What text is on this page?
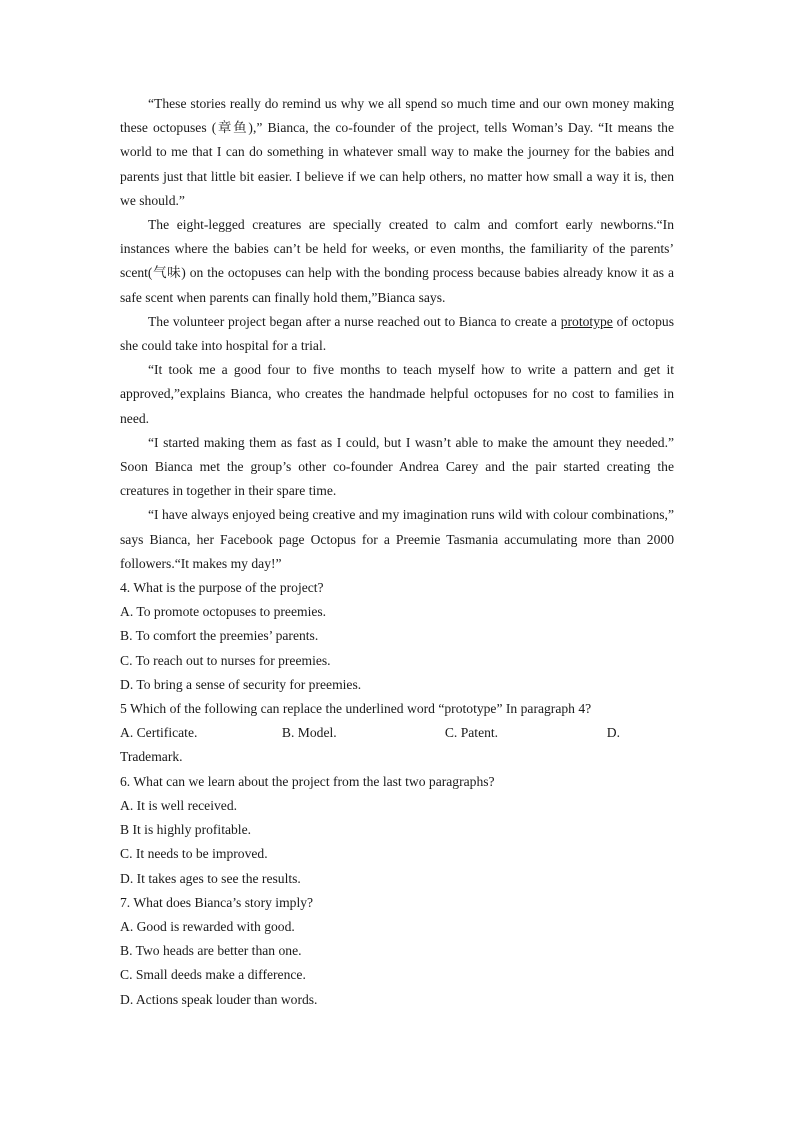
“These stories really do remind us why we all spend so much time and our own money making these octopuses (章鱼),” Bianca, the co-founder of the project, tells Woman’s Day. “It means the world to me that I can do something in whatever small way to make the journey for the babies and parents just that little bit easier. I believe if we can help others, no matter how small a way it is, then we should.”

The eight-legged creatures are specially created to calm and comfort early newborns.“In instances where the babies can’t be held for weeks, or even months, the familiarity of the parents’ scent(气味) on the octopuses can help with the bonding process because babies already know it as a safe scent when parents can finally hold them,”Bianca says.

The volunteer project began after a nurse reached out to Bianca to create a prototype of octopus she could take into hospital for a trial.

“It took me a good four to five months to teach myself how to write a pattern and get it approved,”explains Bianca, who creates the handmade helpful octopuses for no cost to families in need.

“I started making them as fast as I could, but I wasn’t able to make the amount they needed.” Soon Bianca met the group’s other co-founder Andrea Carey and the pair started creating the creatures in together in their spare time.

“I have always enjoyed being creative and my imagination runs wild with colour combinations,” says Bianca, her Facebook page Octopus for a Preemie Tasmania accumulating more than 2000 followers.“It makes my day!”

4. What is the purpose of the project?

A. To promote octopuses to preemies.

B. To comfort the preemies’ parents.

C. To reach out to nurses for preemies.

D. To bring a sense of security for preemies.

5 Which of the following can replace the underlined word “prototype” In paragraph 4?

A. Certificate.	B. Model.	C. Patent.	D.

Trademark.

6. What can we learn about the project from the last two paragraphs?

A. It is well received.

B It is highly profitable.

C. It needs to be improved.

D. It takes ages to see the results.

7. What does Bianca’s story imply?

A. Good is rewarded with good.

B. Two heads are better than one.

C. Small deeds make a difference.

D. Actions speak louder than words.
